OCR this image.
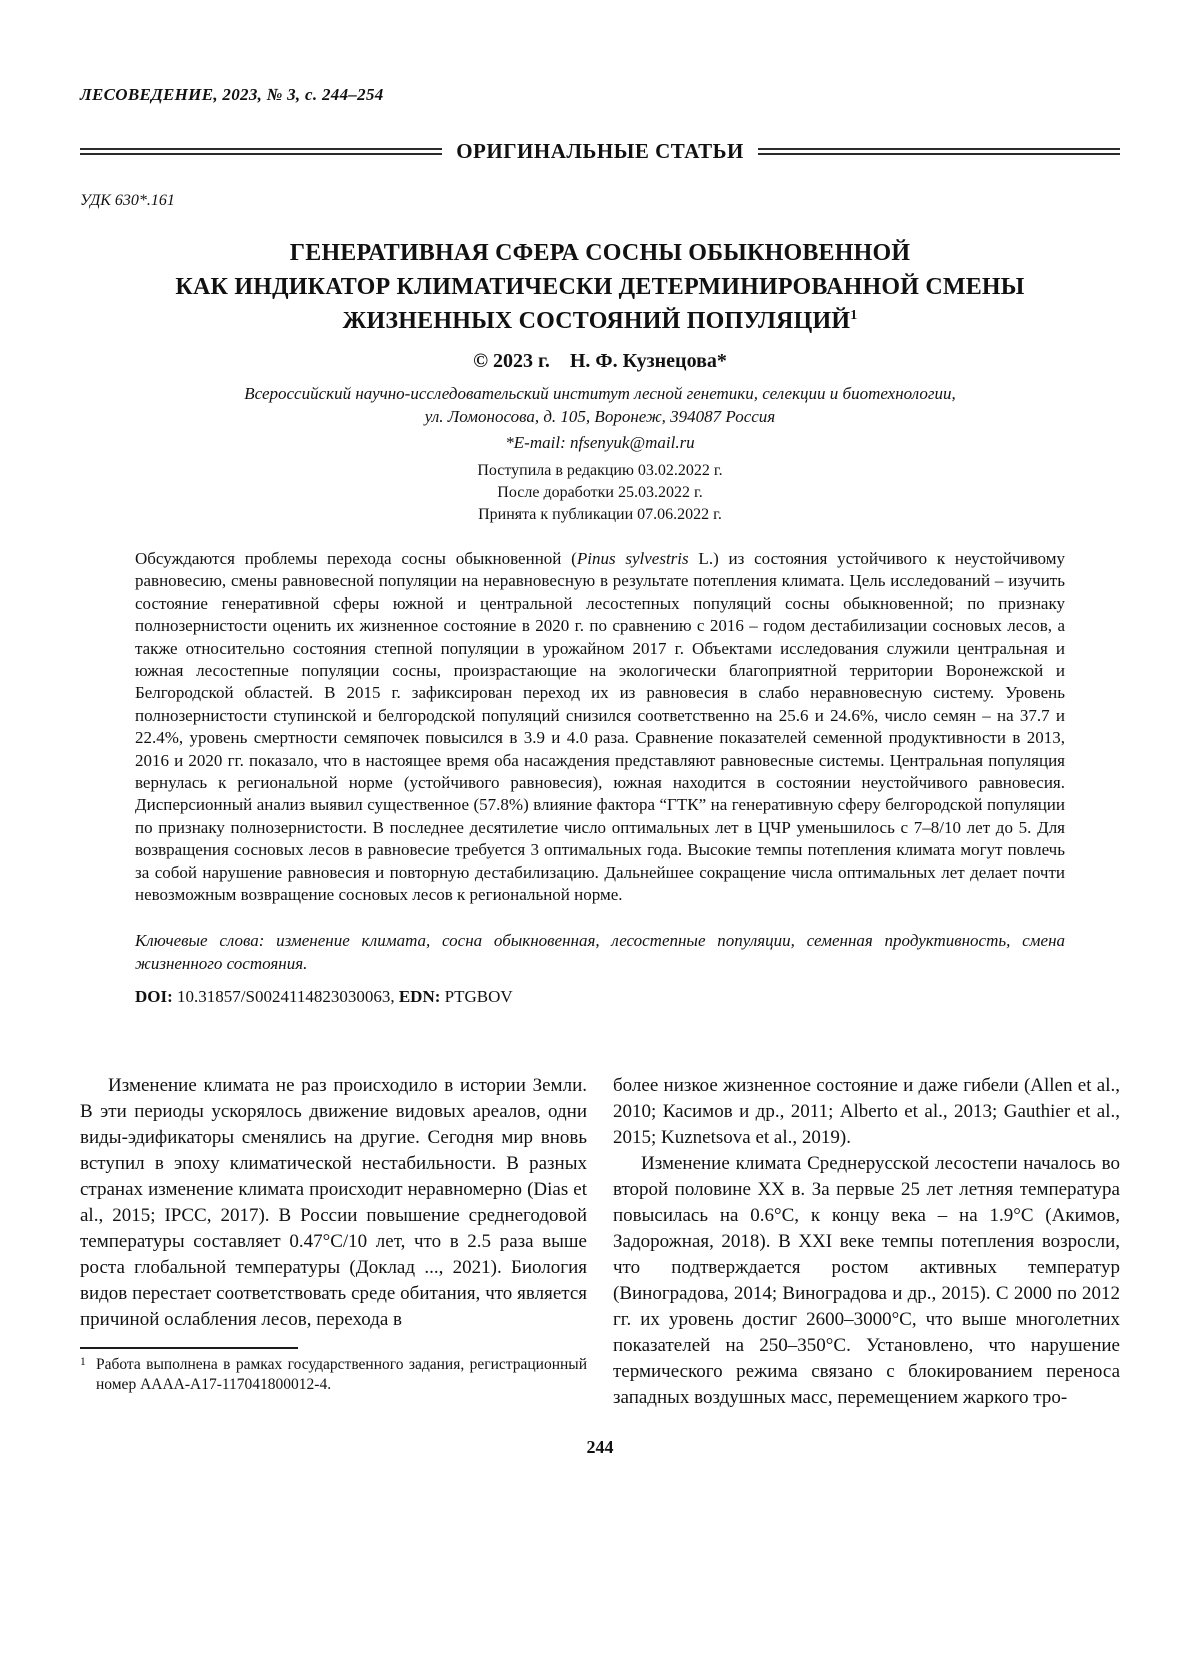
ЛЕСОВЕДЕНИЕ, 2023, № 3, с. 244–254
ОРИГИНАЛЬНЫЕ СТАТЬИ
УДК 630*.161
ГЕНЕРАТИВНАЯ СФЕРА СОСНЫ ОБЫКНОВЕННОЙ
КАК ИНДИКАТОР КЛИМАТИЧЕСКИ ДЕТЕРМИНИРОВАННОЙ СМЕНЫ
ЖИЗНЕННЫХ СОСТОЯНИЙ ПОПУЛЯЦИЙ$^1$
© 2023 г. Н. Ф. Кузнецова*
Всероссийский научно-исследовательский институт лесной генетики, селекции и биотехнологии,
ул. Ломоносова, д. 105, Воронеж, 394087 Россия
*E-mail: nfsenyuk@mail.ru
Поступила в редакцию 03.02.2022 г.
После доработки 25.03.2022 г.
Принята к публикации 07.06.2022 г.
Обсуждаются проблемы перехода сосны обыкновенной (Pinus sylvestris L.) из состояния устойчивого к неустойчивому равновесию, смены равновесной популяции на неравновесную в результате потепления климата. Цель исследований – изучить состояние генеративной сферы южной и центральной лесостепных популяций сосны обыкновенной; по признаку полнозернистости оценить их жизненное состояние в 2020 г. по сравнению с 2016 – годом дестабилизации сосновых лесов, а также относительно состояния степной популяции в урожайном 2017 г. Объектами исследования служили центральная и южная лесостепные популяции сосны, произрастающие на экологически благоприятной территории Воронежской и Белгородской областей. В 2015 г. зафиксирован переход их из равновесия в слабо неравновесную систему. Уровень полнозернистости ступинской и белгородской популяций снизился соответственно на 25.6 и 24.6%, число семян – на 37.7 и 22.4%, уровень смертности семяпочек повысился в 3.9 и 4.0 раза. Сравнение показателей семенной продуктивности в 2013, 2016 и 2020 гг. показало, что в настоящее время оба насаждения представляют равновесные системы. Центральная популяция вернулась к региональной норме (устойчивого равновесия), южная находится в состоянии неустойчивого равновесия. Дисперсионный анализ выявил существенное (57.8%) влияние фактора “ГТК” на генеративную сферу белгородской популяции по признаку полнозернистости. В последнее десятилетие число оптимальных лет в ЦЧР уменьшилось с 7–8/10 лет до 5. Для возвращения сосновых лесов в равновесие требуется 3 оптимальных года. Высокие темпы потепления климата могут повлечь за собой нарушение равновесия и повторную дестабилизацию. Дальнейшее сокращение числа оптимальных лет делает почти невозможным возвращение сосновых лесов к региональной норме.
Ключевые слова: изменение климата, сосна обыкновенная, лесостепные популяции, семенная продуктивность, смена жизненного состояния.
DOI: 10.31857/S0024114823030063, EDN: PTGBOV

Изменение климата не раз происходило в истории Земли. В эти периоды ускорялось движение видовых ареалов, одни виды-эдификаторы сменялись на другие. Сегодня мир вновь вступил в эпоху климатической нестабильности. В разных странах изменение климата происходит неравномерно (Dias et al., 2015; IPCC, 2017). В России повышение среднегодовой температуры составляет 0.47°C/10 лет, что в 2.5 раза выше роста глобальной температуры (Доклад ..., 2021). Биология видов перестает соответствовать среде обитания, что является причиной ослабления лесов, перехода в

1 Работа выполнена в рамках государственного задания, регистрационный номер АААА-А17-117041800012-4.

более низкое жизненное состояние и даже гибели (Allen et al., 2010; Касимов и др., 2011; Alberto et al., 2013; Gauthier et al., 2015; Kuznetsova et al., 2019).

Изменение климата Среднерусской лесостепи началось во второй половине XX в. За первые 25 лет летняя температура повысилась на 0.6°С, к концу века – на 1.9°С (Акимов, Задорожная, 2018). В XXI веке темпы потепления возросли, что подтверждается ростом активных температур (Виноградова, 2014; Виноградова и др., 2015). С 2000 по 2012 гг. их уровень достиг 2600–3000°С, что выше многолетних показателей на 250–350°С. Установлено, что нарушение термического режима связано с блокированием переноса западных воздушных масс, перемещением жаркого тро-

244
